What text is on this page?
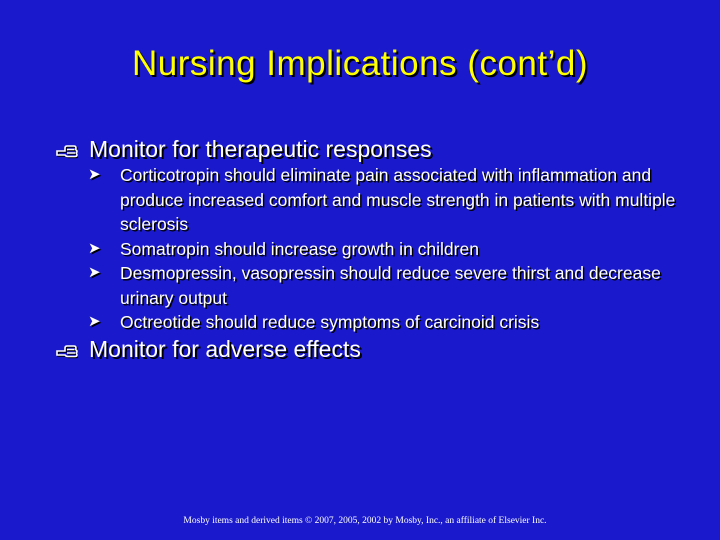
Nursing Implications (cont’d)
Monitor for therapeutic responses
➤ Corticotropin should eliminate pain associated with inflammation and produce increased comfort and muscle strength in patients with multiple sclerosis
➤ Somatropin should increase growth in children
➤ Desmopressin, vasopressin should reduce severe thirst and decrease urinary output
➤ Octreotide should reduce symptoms of carcinoid crisis
Monitor for adverse effects
Mosby items and derived items © 2007, 2005, 2002 by Mosby, Inc., an affiliate of Elsevier Inc.
